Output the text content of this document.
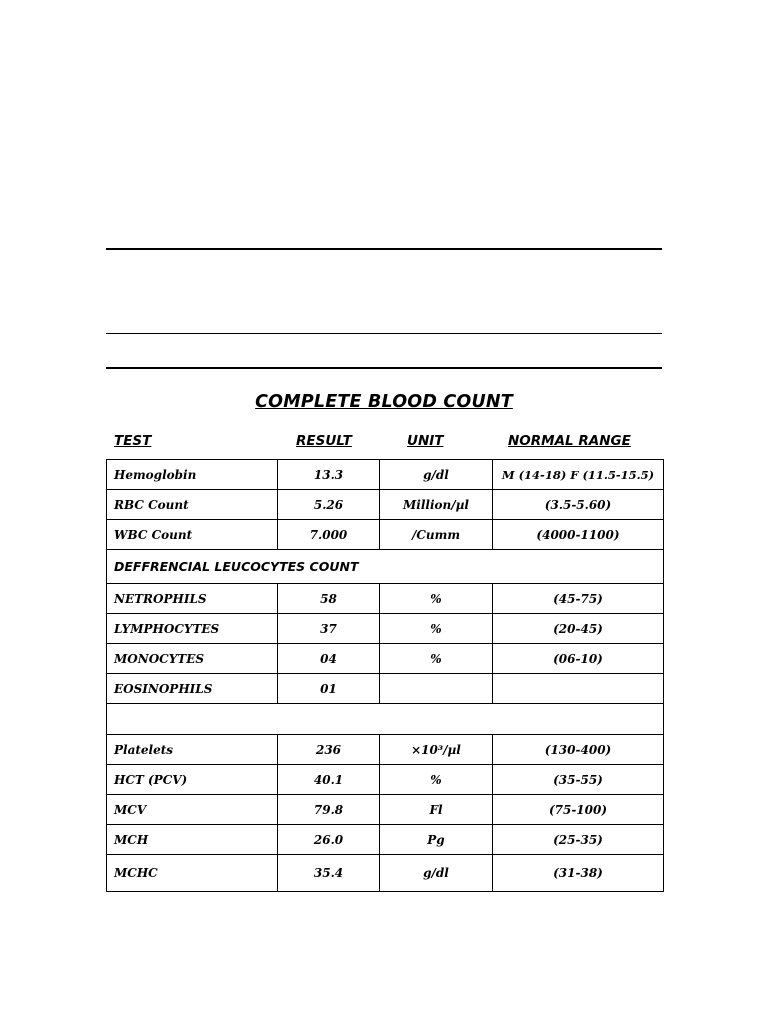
COMPLETE BLOOD COUNT
TEST	RESULT	UNIT	NORMAL RANGE
Hemoglobin	13.3	g/dl	M (14-18) F (11.5-15.5)
RBC Count	5.26	Million/µl	(3.5-5.60)
WBC Count	7.000	/Cumm	(4000-1100)
DEFFRENCIAL LEUCOCYTES COUNT			
NETROPHILS	58	%	(45-75)
LYMPHOCYTES	37	%	(20-45)
MONOCYTES	04	%	(06-10)
EOSINOPHILS	01		

Platelets	236	×10³/µl	(130-400)
HCT (PCV)	40.1	%	(35-55)
MCV	79.8	Fl	(75-100)
MCH	26.0	Pg	(25-35)
MCHC	35.4	g/dl	(31-38)
